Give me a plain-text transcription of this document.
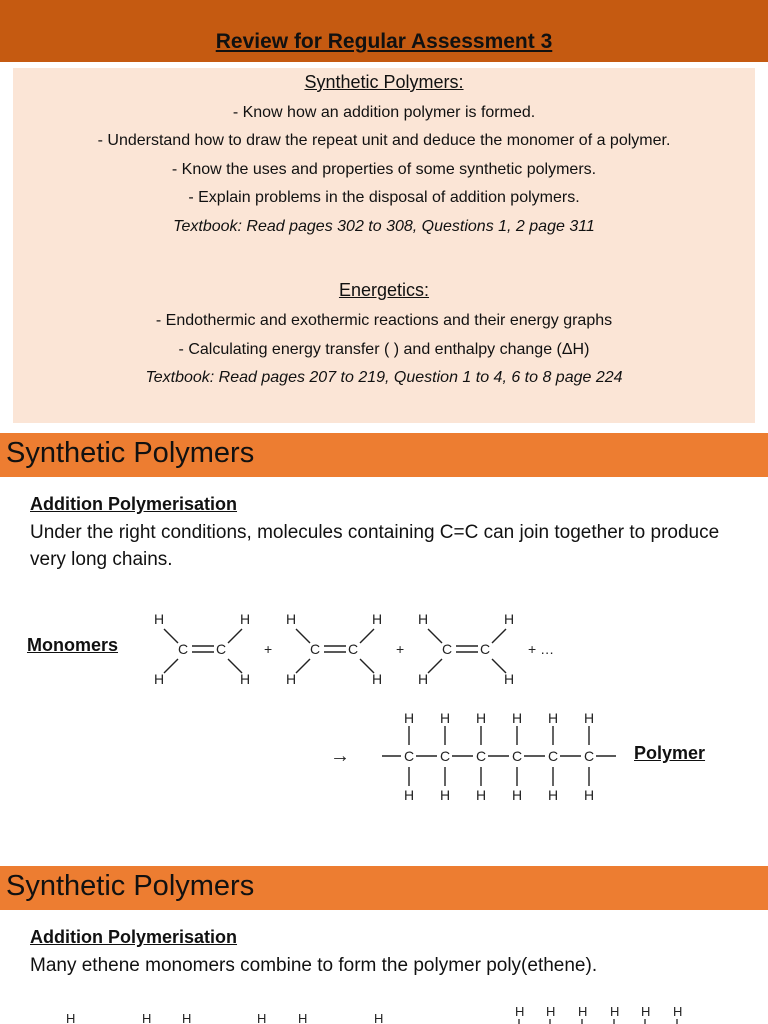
Review for Regular Assessment 3
Synthetic Polymers:
- Know how an addition polymer is formed.
- Understand how to draw the repeat unit and deduce the monomer of a polymer.
- Know the uses and properties of some synthetic polymers.
- Explain problems in the disposal of addition polymers.
Textbook: Read pages 302 to 308, Questions 1, 2 page 311
Energetics:
- Endothermic and exothermic reactions and their energy graphs
- Calculating energy transfer ( ) and enthalpy change (ΔH)
Textbook: Read pages 207 to 219, Question 1 to 4, 6 to 8 page 224
Synthetic Polymers
Addition Polymerisation
Under the right conditions, molecules containing C=C can join together to produce very long chains.
Monomers
H
H
H
H
C C
H
H
H
H
C C
H
H
H
H
C C
+	+	+ …
→
H H H H H H
C C C C C C
H H H H H H
Polymer
Synthetic Polymers
Addition Polymerisation
Many ethene monomers combine to form the polymer poly(ethene).
H	H H	H H	H	H H H H H H
